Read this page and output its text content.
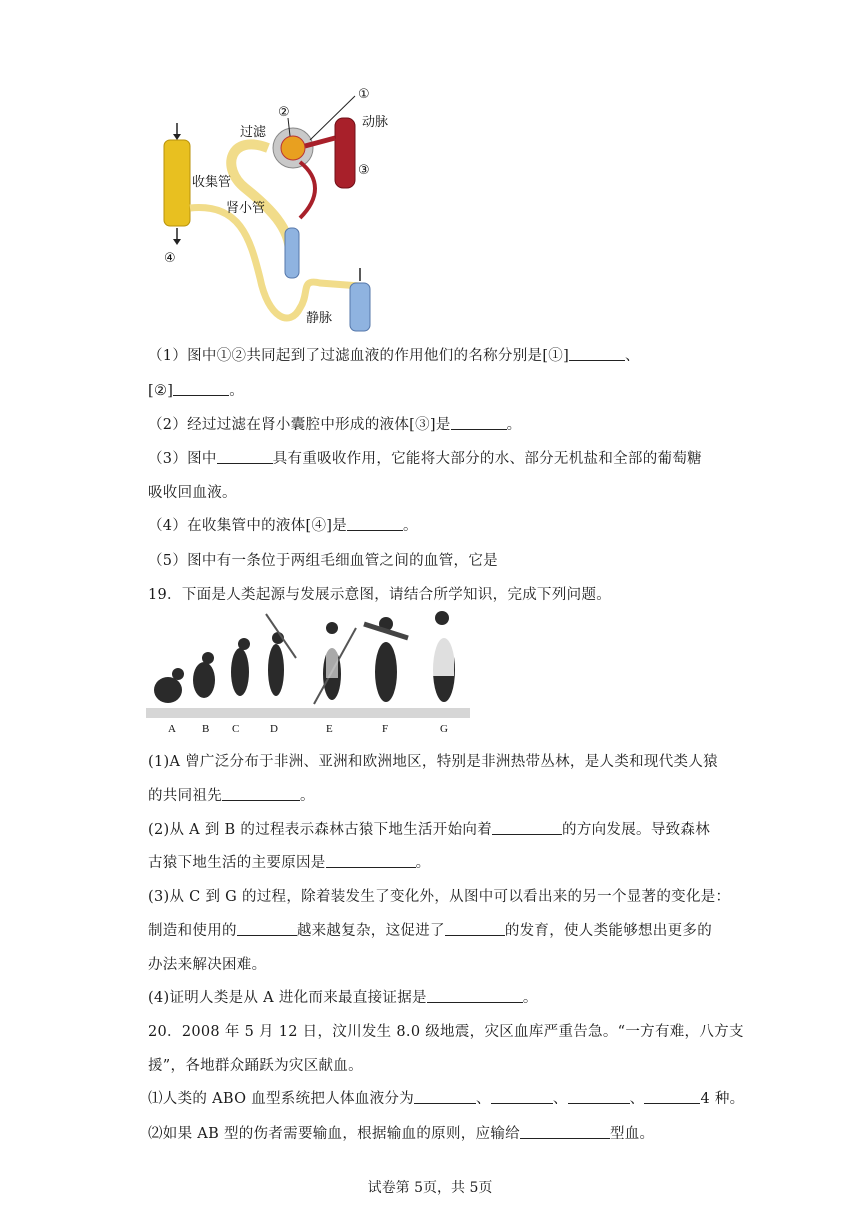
过滤
收集管
肾小管
动脉
静脉
①
②
③
④
（1）图中①②共同起到了过滤血液的作用他们的名称分别是[①]	、
[②]	。
（2）经过过滤在肾小囊腔中形成的液体[③]是	。
（3）图中	具有重吸收作用，它能将大部分的水、部分无机盐和全部的葡萄糖
吸收回血液。
（4）在收集管中的液体[④]是	。
（5）图中有一条位于两组毛细血管之间的血管，它是
19．下面是人类起源与发展示意图，请结合所学知识，完成下列问题。
A B C	D	E	F	G
(1)A 曾广泛分布于非洲、亚洲和欧洲地区，特别是非洲热带丛林，是人类和现代类人猿
的共同祖先	。
(2)从 A 到 B 的过程表示森林古猿下地生活开始向着	的方向发展。导致森林
古猿下地生活的主要原因是	。
(3)从 C 到 G 的过程，除着装发生了变化外，从图中可以看出来的另一个显著的变化是：
制造和使用的	越来越复杂，这促进了	的发育，使人类能够想出更多的
办法来解决困难。
(4)证明人类是从 A 进化而来最直接证据是	。
20．2008 年 5 月 12 日，汶川发生 8.0 级地震，灾区血库严重告急。“一方有难，八方支
援”，各地群众踊跃为灾区献血。
⑴人类的 ABO 血型系统把人体血液分为	、	、	、	4 种。
⑵如果 AB 型的伤者需要输血，根据输血的原则，应输给	型血。
试卷第 5页，共 5页
